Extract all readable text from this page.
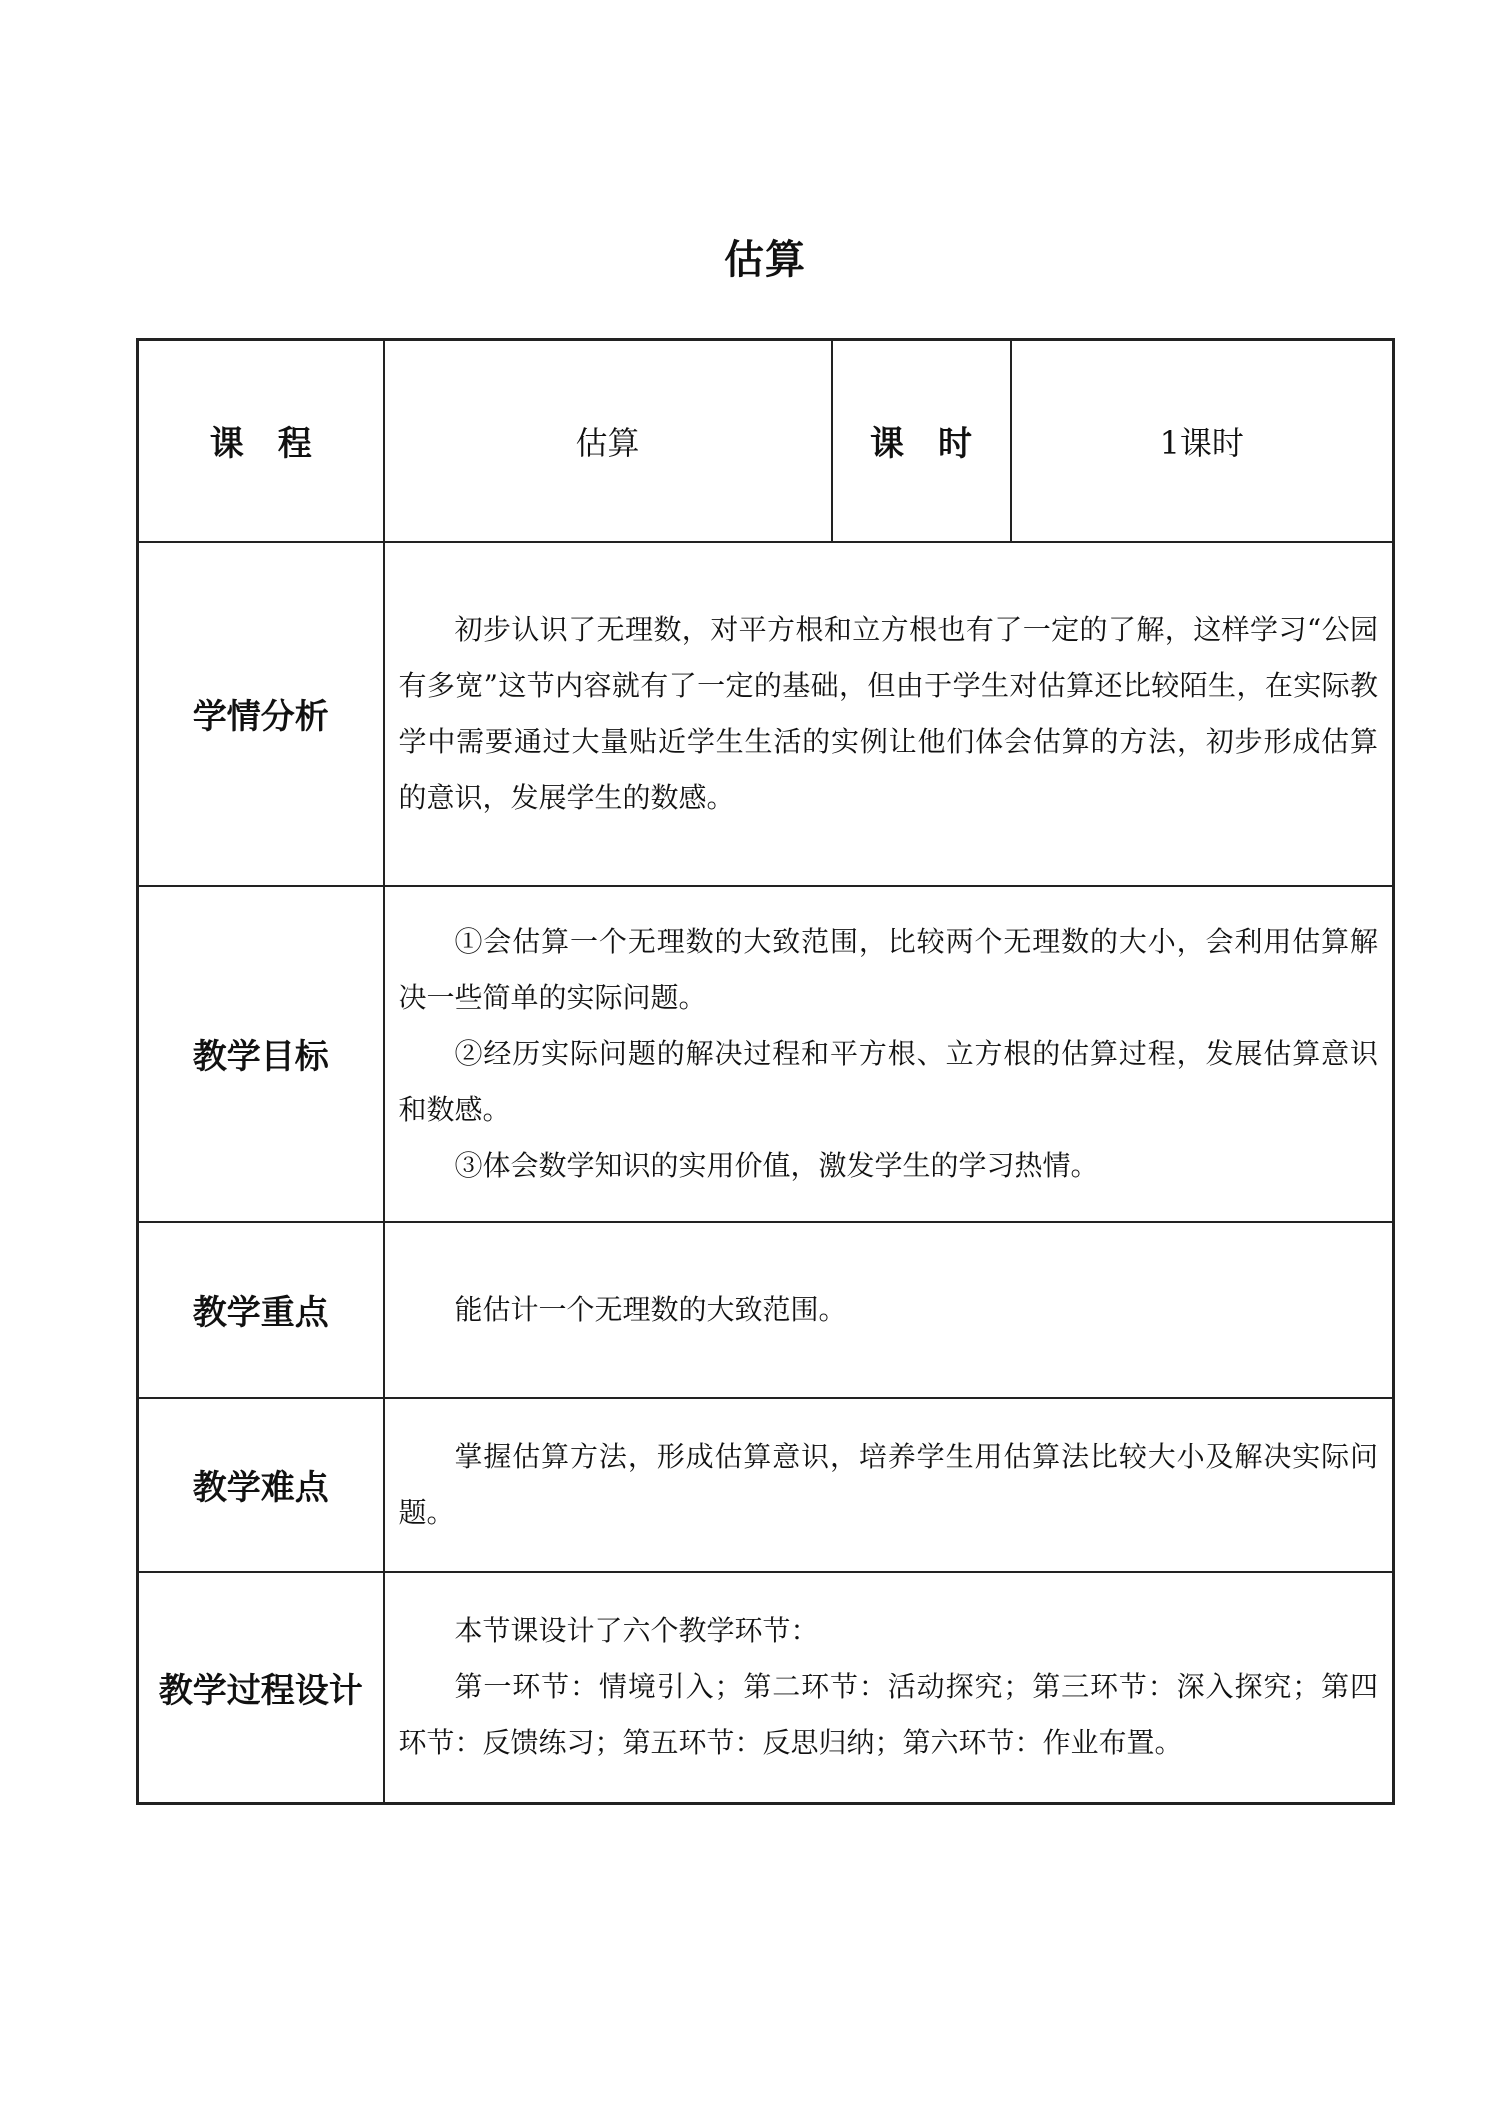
估算
课　程	估算	课　时	1课时
学情分析	初步认识了无理数，对平方根和立方根也有了一定的了解，这样学习“公园有多宽”这节内容就有了一定的基础，但由于学生对估算还比较陌生，在实际教学中需要通过大量贴近学生生活的实例让他们体会估算的方法，初步形成估算的意识，发展学生的数感。		

教学目标	①会估算一个无理数的大致范围，比较两个无理数的大小，会利用估算解决一些简单的实际问题。

②经历实际问题的解决过程和平方根、立方根的估算过程，发展估算意识和数感。

③体会数学知识的实用价值，激发学生的学习热情。		

教学重点	能估计一个无理数的大致范围。		

教学难点	掌握估算方法，形成估算意识，培养学生用估算法比较大小及解决实际问题。		

教学过程设计	本节课设计了六个教学环节：

第一环节：情境引入；第二环节：活动探究；第三环节：深入探究；第四环节：反馈练习；第五环节：反思归纳；第六环节：作业布置。		
